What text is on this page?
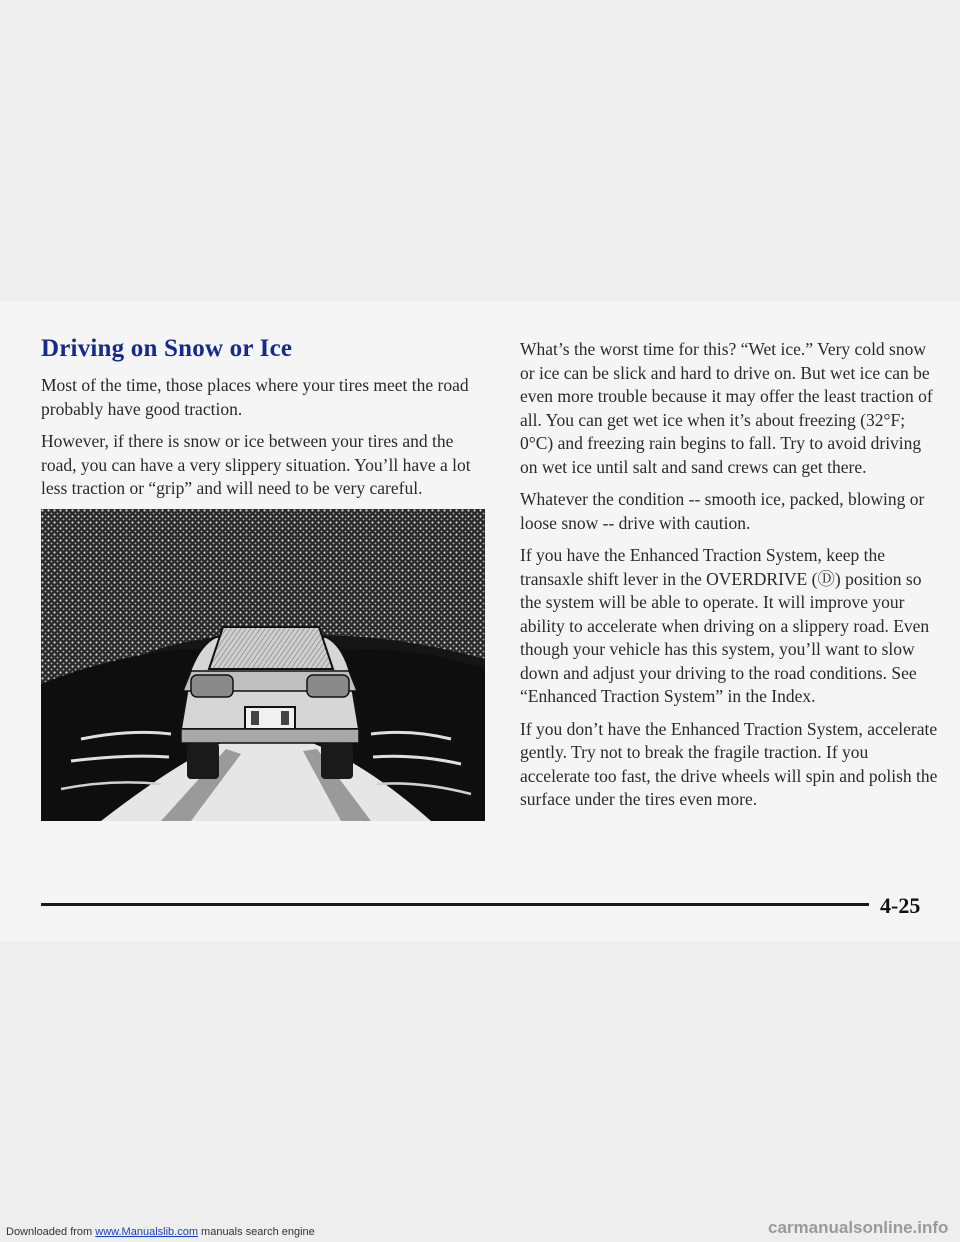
Driving on Snow or Ice

Most of the time, those places where your tires meet the road probably have good traction.

However, if there is snow or ice between your tires and the road, you can have a very slippery situation. You’ll have a lot less traction or “grip” and will need to be very careful.

What’s the worst time for this? “Wet ice.” Very cold snow or ice can be slick and hard to drive on. But wet ice can be even more trouble because it may offer the least traction of all. You can get wet ice when it’s about freezing (32°F; 0°C) and freezing rain begins to fall. Try to avoid driving on wet ice until salt and sand crews can get there.

Whatever the condition -- smooth ice, packed, blowing or loose snow -- drive with caution.

If you have the Enhanced Traction System, keep the transaxle shift lever in the OVERDRIVE (Ⓓ) position so the system will be able to operate. It will improve your ability to accelerate when driving on a slippery road. Even though your vehicle has this system, you’ll want to slow down and adjust your driving to the road conditions. See “Enhanced Traction System” in the Index.

If you don’t have the Enhanced Traction System, accelerate gently. Try not to break the fragile traction. If you accelerate too fast, the drive wheels will spin and polish the surface under the tires even more.

4-25
Downloaded from www.Manualslib.com manuals search engine	carmanualsonline.info
